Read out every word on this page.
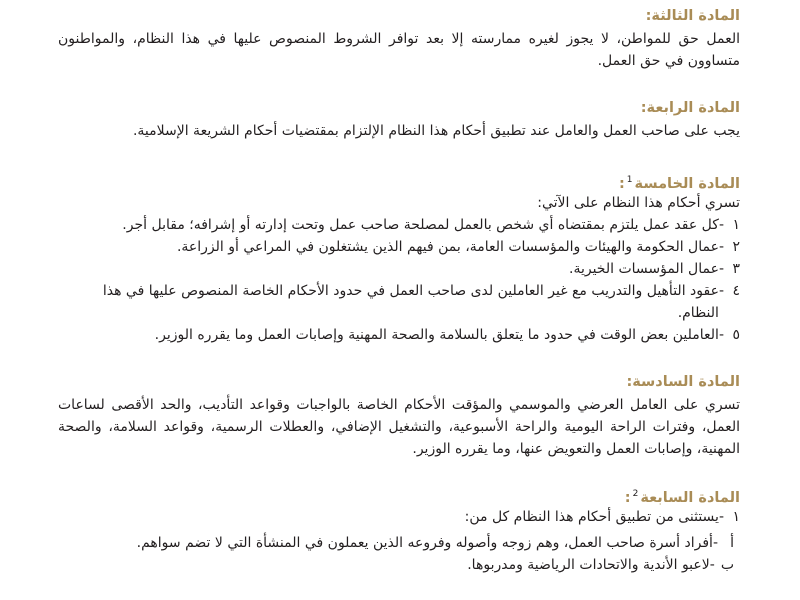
المادة الثالثة:

العمل حق للمواطن، لا يجوز لغيره ممارسته إلا بعد توافر الشروط المنصوص عليها في هذا النظام، والمواطنون متساوون في حق العمل.

المادة الرابعة:

يجب على صاحب العمل والعامل عند تطبيق أحكام هذا النظام الإلتزام بمقتضيات أحكام الشريعة الإسلامية.

المادة الخامسة$^1$:

تسري أحكام هذا النظام على الآتي:

١
-
كل عقد عمل يلتزم بمقتضاه أي شخص بالعمل لمصلحة صاحب عمل وتحت إدارته أو إشرافه؛ مقابل أجر.
٢
-
عمال الحكومة والهيئات والمؤسسات العامة، بمن فيهم الذين يشتغلون في المراعي أو الزراعة.
٣
-
عمال المؤسسات الخيرية.
٤
-
عقود التأهيل والتدريب مع غير العاملين لدى صاحب العمل في حدود الأحكام الخاصة المنصوص عليها في هذا النظام.
٥
-
العاملين بعض الوقت في حدود ما يتعلق بالسلامة والصحة المهنية وإصابات العمل وما يقرره الوزير.
المادة السادسة:

تسري على العامل العرضي والموسمي والمؤقت الأحكام الخاصة بالواجبات وقواعد التأديب، والحد الأقصى لساعات العمل، وفترات الراحة اليومية والراحة الأسبوعية، والتشغيل الإضافي، والعطلات الرسمية، وقواعد السلامة، والصحة المهنية، وإصابات العمل والتعويض عنها، وما يقرره الوزير.

المادة السابعة$^2$:
١
-
يستثنى من تطبيق أحكام هذا النظام كل من:
أ
-
أفراد أسرة صاحب العمل، وهم زوجه وأصوله وفروعه الذين يعملون في المنشأة التي لا تضم سواهم.
ب
-
لاعبو الأندية والاتحادات الرياضية ومدربوها.
